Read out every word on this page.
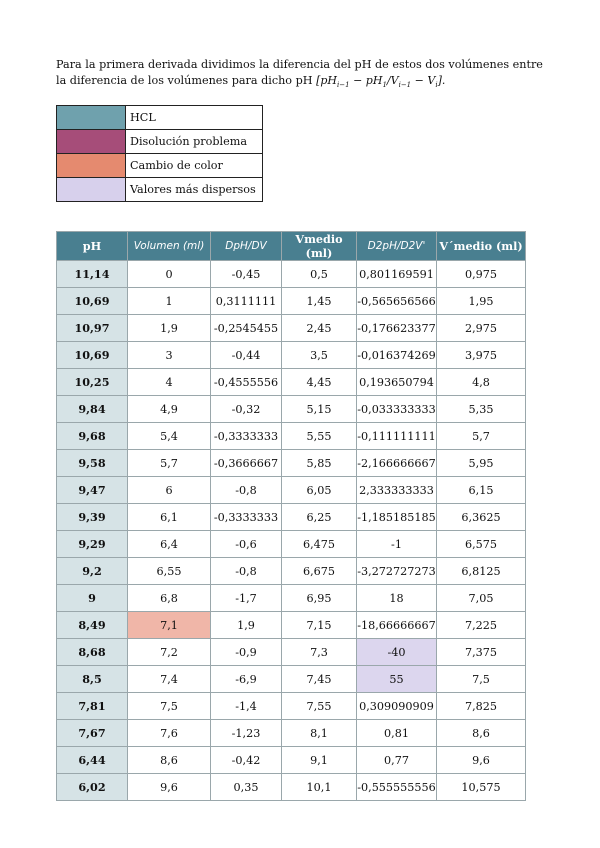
Para la primera derivada dividimos la diferencia del pH de estos dos volúmenes entre la diferencia de los volúmenes para dicho pH $[pH_{i-1} - pH_1/V_{i-1} - V_i]$.

	HCL
	Disolución problema
	Cambio de color
	Valores más dispersos
pH	Volumen (ml)	DpH/DV	Vmedio (ml)	D2pH/D2V'	V´medio (ml)
11,14	0	-0,45	0,5	0,801169591	0,975
10,69	1	0,3111111	1,45	-0,565656566	1,95
10,97	1,9	-0,2545455	2,45	-0,176623377	2,975
10,69	3	-0,44	3,5	-0,016374269	3,975
10,25	4	-0,4555556	4,45	0,193650794	4,8
9,84	4,9	-0,32	5,15	-0,033333333	5,35
9,68	5,4	-0,3333333	5,55	-0,111111111	5,7
9,58	5,7	-0,3666667	5,85	-2,166666667	5,95
9,47	6	-0,8	6,05	2,333333333	6,15
9,39	6,1	-0,3333333	6,25	-1,185185185	6,3625
9,29	6,4	-0,6	6,475	-1	6,575
9,2	6,55	-0,8	6,675	-3,272727273	6,8125
9	6,8	-1,7	6,95	18	7,05
8,49	7,1	1,9	7,15	-18,66666667	7,225
8,68	7,2	-0,9	7,3	-40	7,375
8,5	7,4	-6,9	7,45	55	7,5
7,81	7,5	-1,4	7,55	0,309090909	7,825
7,67	7,6	-1,23	8,1	0,81	8,6
6,44	8,6	-0,42	9,1	0,77	9,6
6,02	9,6	0,35	10,1	-0,555555556	10,575
